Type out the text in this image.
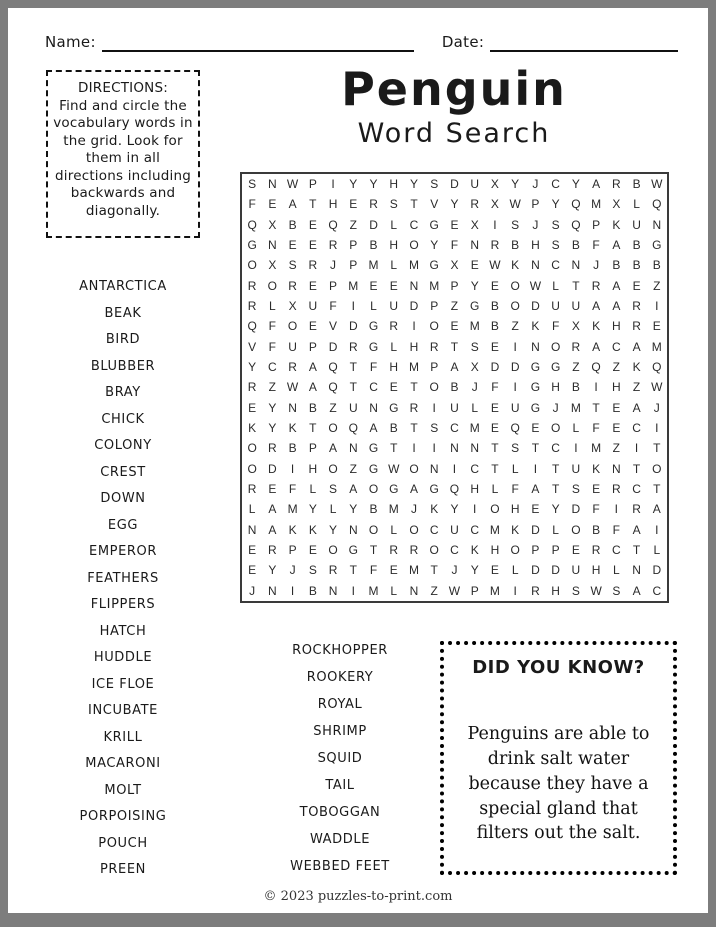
Name:	Date:
DIRECTIONS:
Find and circle the vocabulary words in the grid. Look for them in all directions including backwards and diagonally.
Penguin
Word Search
S N W P	I	Y	Y H Y	S D U X	Y	J	C Y	A R B W
F	E	A	T	H E R S	T	V	Y R X W P	Y Q M X	L	Q
Q X	B	E Q Z	D	L	C G E	X	I	S	J	S Q P	K U N
G N E	E R P	B H O Y	F	N R B H S	B	F	A	B G
O X	S R	J	P M L M G X	E W K N C N	J	B	B	B
R O R E	P M E	E N M P	Y	E O W L	T	R A	E	Z
R	L	X U	F	I	L	U D P	Z G B O D U U A	A R	I
Q F O E	V D G R	I	O E M B	Z	K	F	X	K H R E
V	F	U P D R G	L	H R	T	S	E	I	N O R A C A M
Y C R A Q T	F	H M P	A	X D D G G Z Q Z	K Q
R	Z W A Q T	C E	T O B	J	F	I	G H B	I	H	Z W
E	Y N B	Z	U N G R	I	U	L	E U G	J	M T	E	A	J
K	Y	K	T O Q A	B	T	S C M E Q E O	L	F	E C	I
O R B	P	A N G T	I	I	N N	T	S	T	C	I	M Z	I	T
O D	I	H O Z G W O N	I	C	T	L	I	T	U K N	T O
R E	F	L	S	A O G A G Q H	L	F	A	T	S	E R C	T
L	A M Y	L	Y	B M	J	K	Y	I	O H E	Y D	F	I	R A
N A	K	K	Y N O	L	O C U C M K D	L	O B	F	A	I
E R P	E O G T	R R O C K H O P	P	E R C	T	L
E	Y	J	S R	T	F	E M T	J	Y	E	L	D D U H	L	N D
J	N	I	B N	I	M L	N	Z W P M	I	R H S W S	A C
ANTARCTICA
BEAK
BIRD
BLUBBER
BRAY
CHICK
COLONY
CREST
DOWN
EGG
EMPEROR
FEATHERS
FLIPPERS
HATCH
HUDDLE
ICE FLOE
INCUBATE
KRILL
MACARONI
MOLT
PORPOISING
POUCH
PREEN
ROCKHOPPER
ROOKERY
ROYAL
SHRIMP
SQUID
TAIL
TOBOGGAN
WADDLE
WEBBED FEET
DID YOU KNOW?
Penguins are able to drink salt water because they have a special gland that filters out the salt.
© 2023 puzzles-to-print.com
